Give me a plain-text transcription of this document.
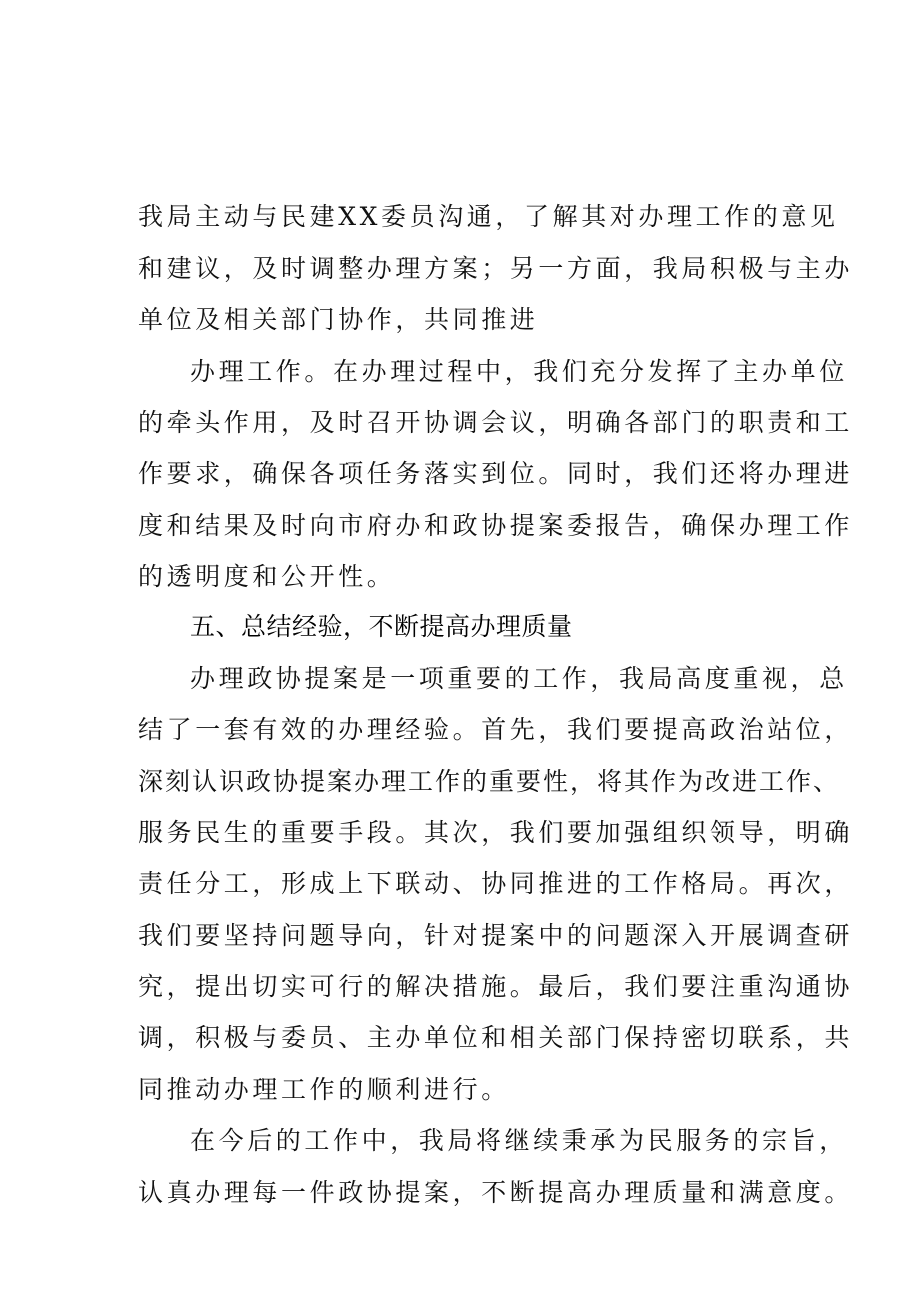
我局主动与民建XX委员沟通，了解其对办理工作的意见
和建议，及时调整办理方案；另一方面，我局积极与主办
单位及相关部门协作，共同推进
办理工作。在办理过程中，我们充分发挥了主办单位
的牵头作用，及时召开协调会议，明确各部门的职责和工
作要求，确保各项任务落实到位。同时，我们还将办理进
度和结果及时向市府办和政协提案委报告，确保办理工作
的透明度和公开性。
五、总结经验，不断提高办理质量
办理政协提案是一项重要的工作，我局高度重视，总
结了一套有效的办理经验。首先，我们要提高政治站位，
深刻认识政协提案办理工作的重要性，将其作为改进工作、
服务民生的重要手段。其次，我们要加强组织领导，明确
责任分工，形成上下联动、协同推进的工作格局。再次，
我们要坚持问题导向，针对提案中的问题深入开展调查研
究，提出切实可行的解决措施。最后，我们要注重沟通协
调，积极与委员、主办单位和相关部门保持密切联系，共
同推动办理工作的顺利进行。
在今后的工作中，我局将继续秉承为民服务的宗旨，
认真办理每一件政协提案，不断提高办理质量和满意度。
